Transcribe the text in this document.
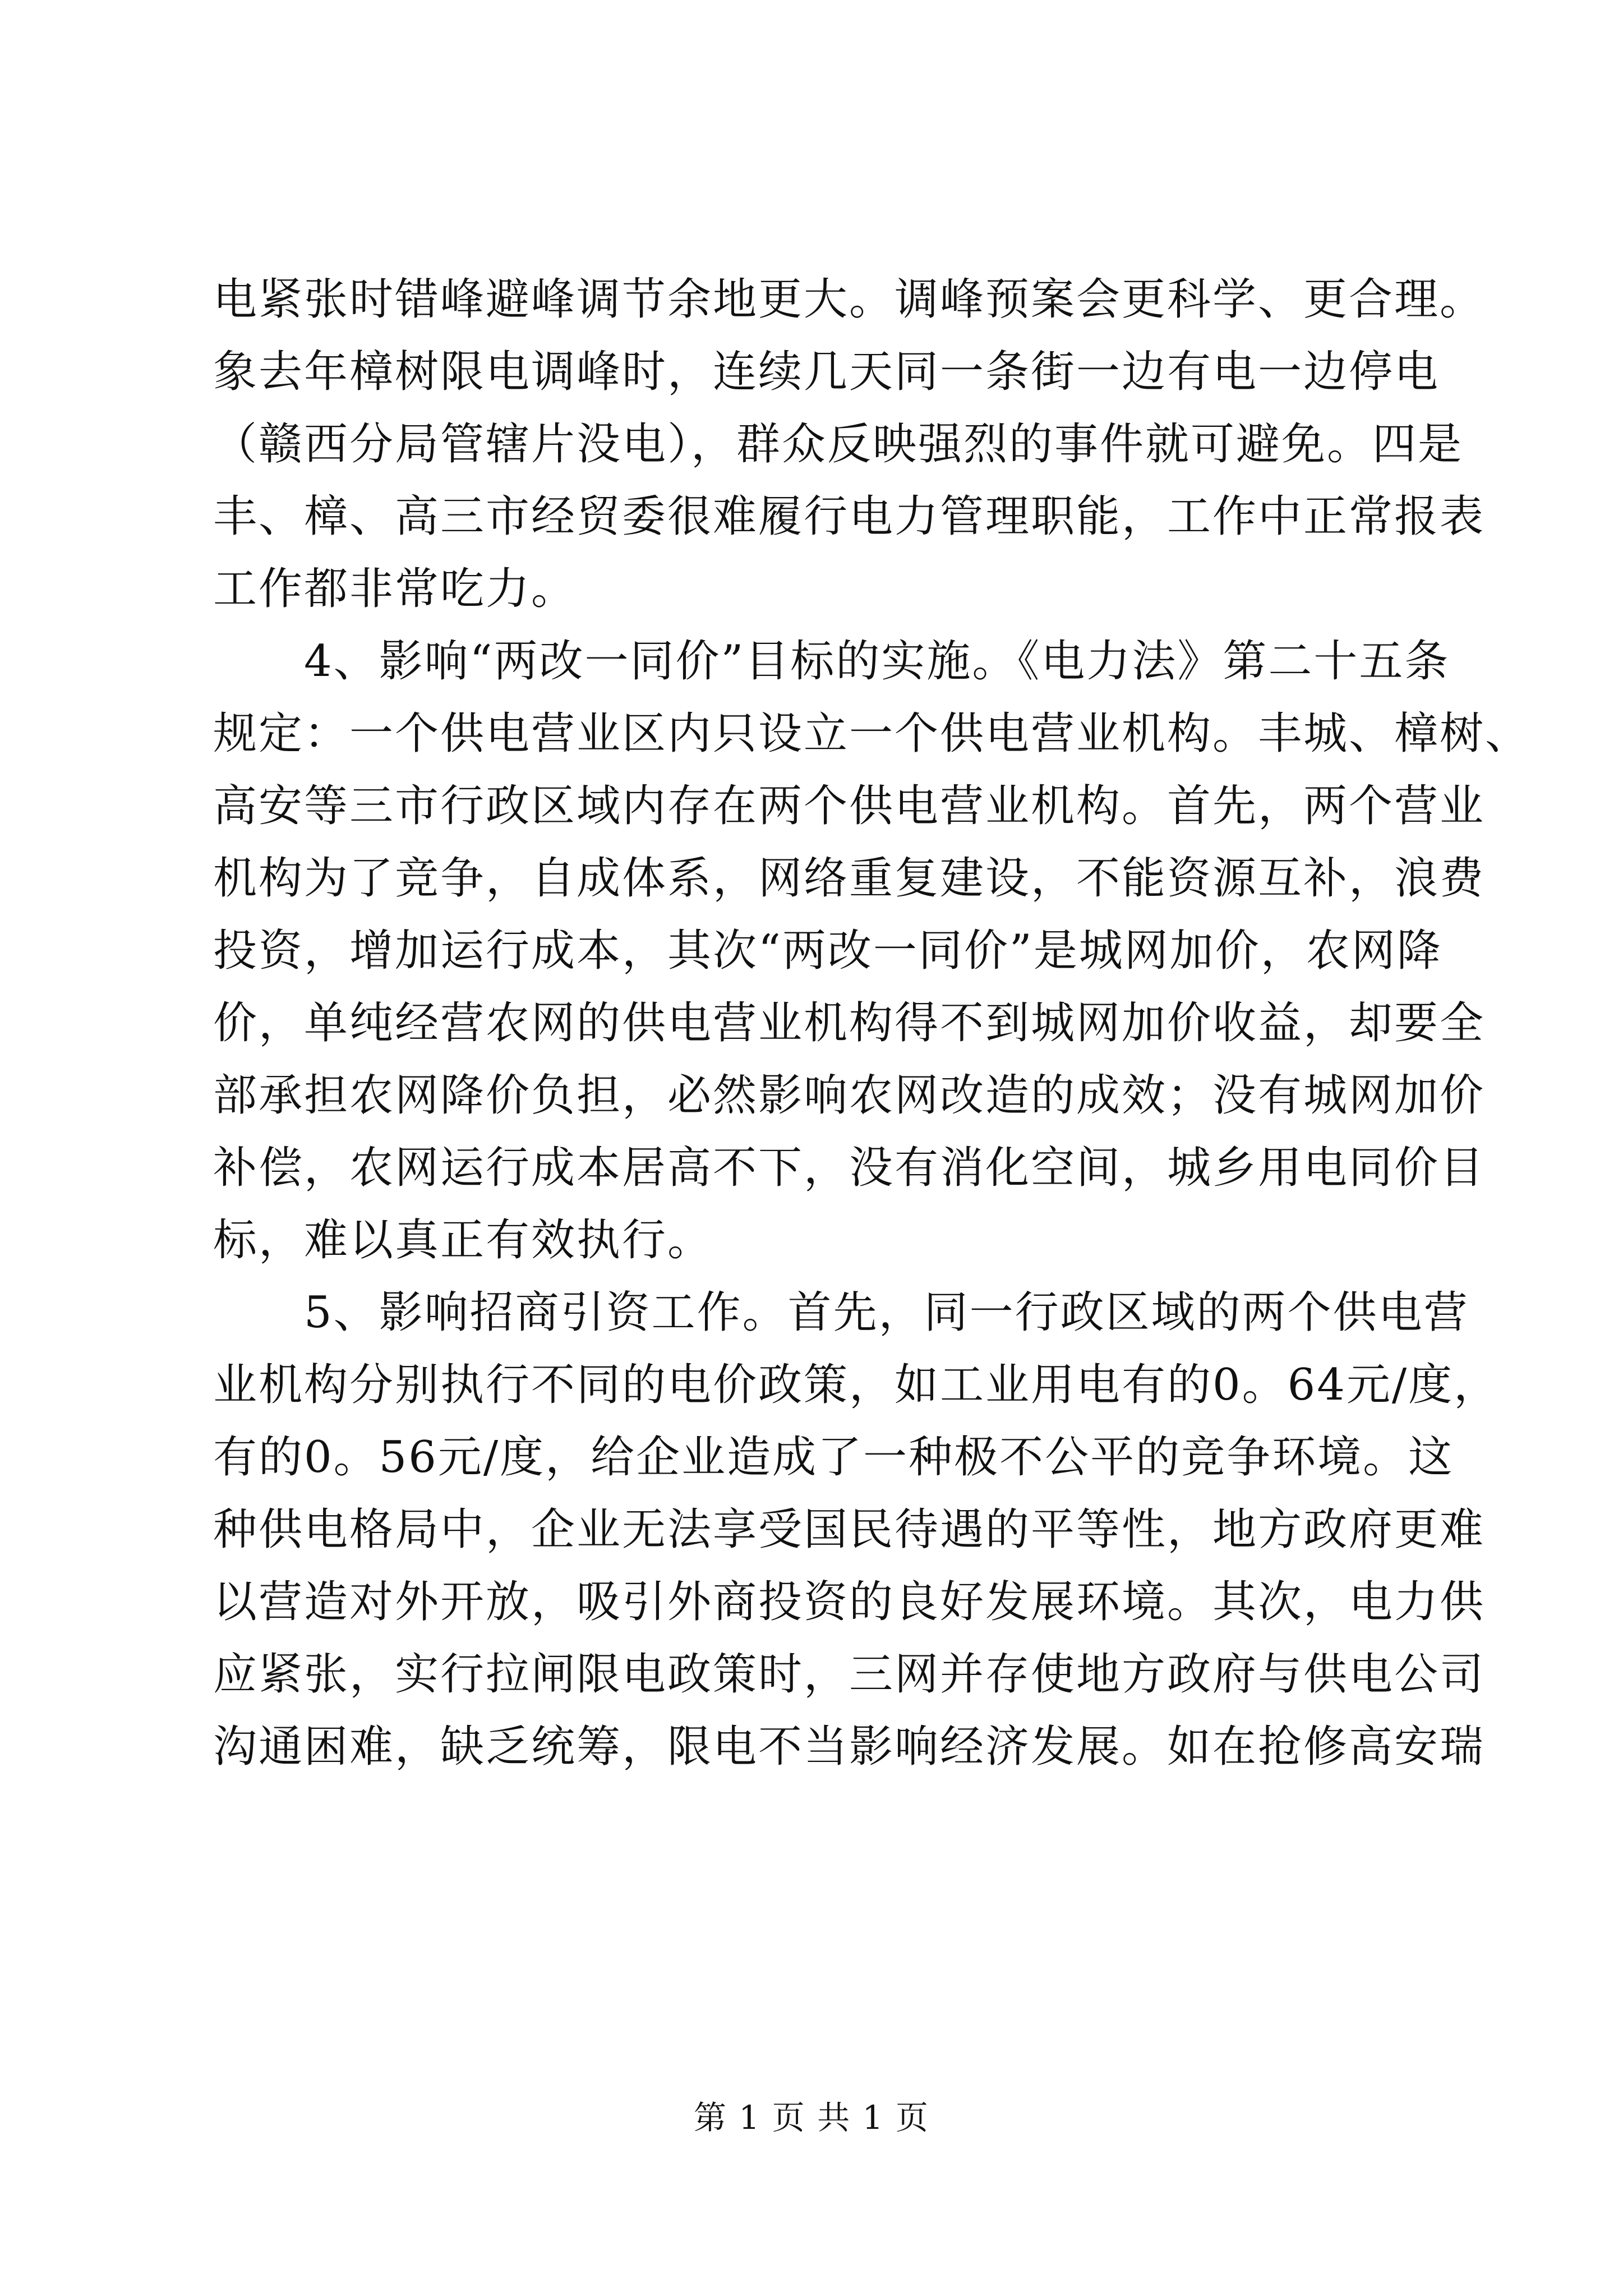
电紧张时错峰避峰调节余地更大。调峰预案会更科学、更合理。
象去年樟树限电调峰时，连续几天同一条街一边有电一边停电
（赣西分局管辖片没电），群众反映强烈的事件就可避免。四是
丰、樟、高三市经贸委很难履行电力管理职能，工作中正常报表
工作都非常吃力。
　　4、影响“两改一同价”目标的实施。《电力法》第二十五条
规定：一个供电营业区内只设立一个供电营业机构。丰城、樟树、
高安等三市行政区域内存在两个供电营业机构。首先，两个营业
机构为了竞争，自成体系，网络重复建设，不能资源互补，浪费
投资，增加运行成本，其次“两改一同价”是城网加价，农网降
价，单纯经营农网的供电营业机构得不到城网加价收益，却要全
部承担农网降价负担，必然影响农网改造的成效；没有城网加价
补偿，农网运行成本居高不下，没有消化空间，城乡用电同价目
标，难以真正有效执行。
　　5、影响招商引资工作。首先，同一行政区域的两个供电营
业机构分别执行不同的电价政策，如工业用电有的0。64元/度，
有的0。56元/度，给企业造成了一种极不公平的竞争环境。这
种供电格局中，企业无法享受国民待遇的平等性，地方政府更难
以营造对外开放，吸引外商投资的良好发展环境。其次，电力供
应紧张，实行拉闸限电政策时，三网并存使地方政府与供电公司
沟通困难，缺乏统筹，限电不当影响经济发展。如在抢修高安瑞
第 1 页 共 1 页
